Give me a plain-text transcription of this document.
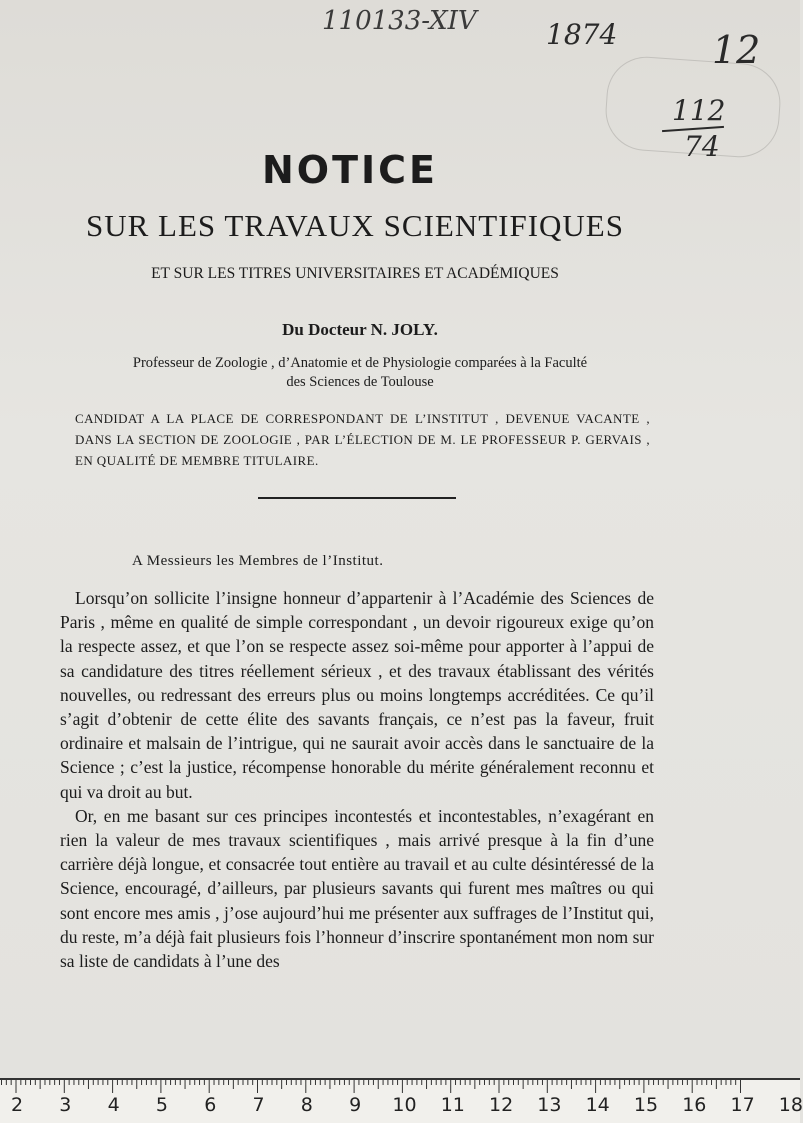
110133-XIV 1874 12
112
74
NOTICE
SUR LES TRAVAUX SCIENTIFIQUES
ET SUR LES TITRES UNIVERSITAIRES ET ACADÉMIQUES
Du Docteur N. JOLY.
Professeur de Zoologie , d’Anatomie et de Physiologie comparées à la Faculté
des Sciences de Toulouse
CANDIDAT A LA PLACE DE CORRESPONDANT DE L’INSTITUT , DEVENUE VACANTE , DANS LA SECTION DE ZOOLOGIE , PAR L’ÉLECTION DE M. LE PROFESSEUR P. GERVAIS , EN QUALITÉ DE MEMBRE TITULAIRE.
A Messieurs les Membres de l’Institut.

Lorsqu’on sollicite l’insigne honneur d’appartenir à l’Académie des Sciences de Paris , même en qualité de simple correspondant , un devoir rigoureux exige qu’on la respecte assez, et que l’on se respecte assez soi-même pour apporter à l’appui de sa candidature des titres réellement sérieux , et des travaux établissant des vérités nouvelles, ou redressant des erreurs plus ou moins longtemps accréditées. Ce qu’il s’agit d’obtenir de cette élite des savants français, ce n’est pas la faveur, fruit ordinaire et malsain de l’intrigue, qui ne saurait avoir accès dans le sanctuaire de la Science ; c’est la justice, récompense honorable du mérite généralement reconnu et qui va droit au but.

Or, en me basant sur ces principes incontestés et incontestables, n’exagérant en rien la valeur de mes travaux scientifiques , mais arrivé presque à la fin d’une carrière déjà longue, et consacrée tout entière au travail et au culte désintéressé de la Science, encouragé, d’ailleurs, par plusieurs savants qui furent mes maîtres ou qui sont encore mes amis , j’ose aujourd’hui me présenter aux suffrages de l’Institut qui, du reste, m’a déjà fait plusieurs fois l’honneur d’inscrire spontanément mon nom sur sa liste de candidats à l’une des

2 3 4 5 6 7 8 9 10 11 12 13 14 15 16 17 18
